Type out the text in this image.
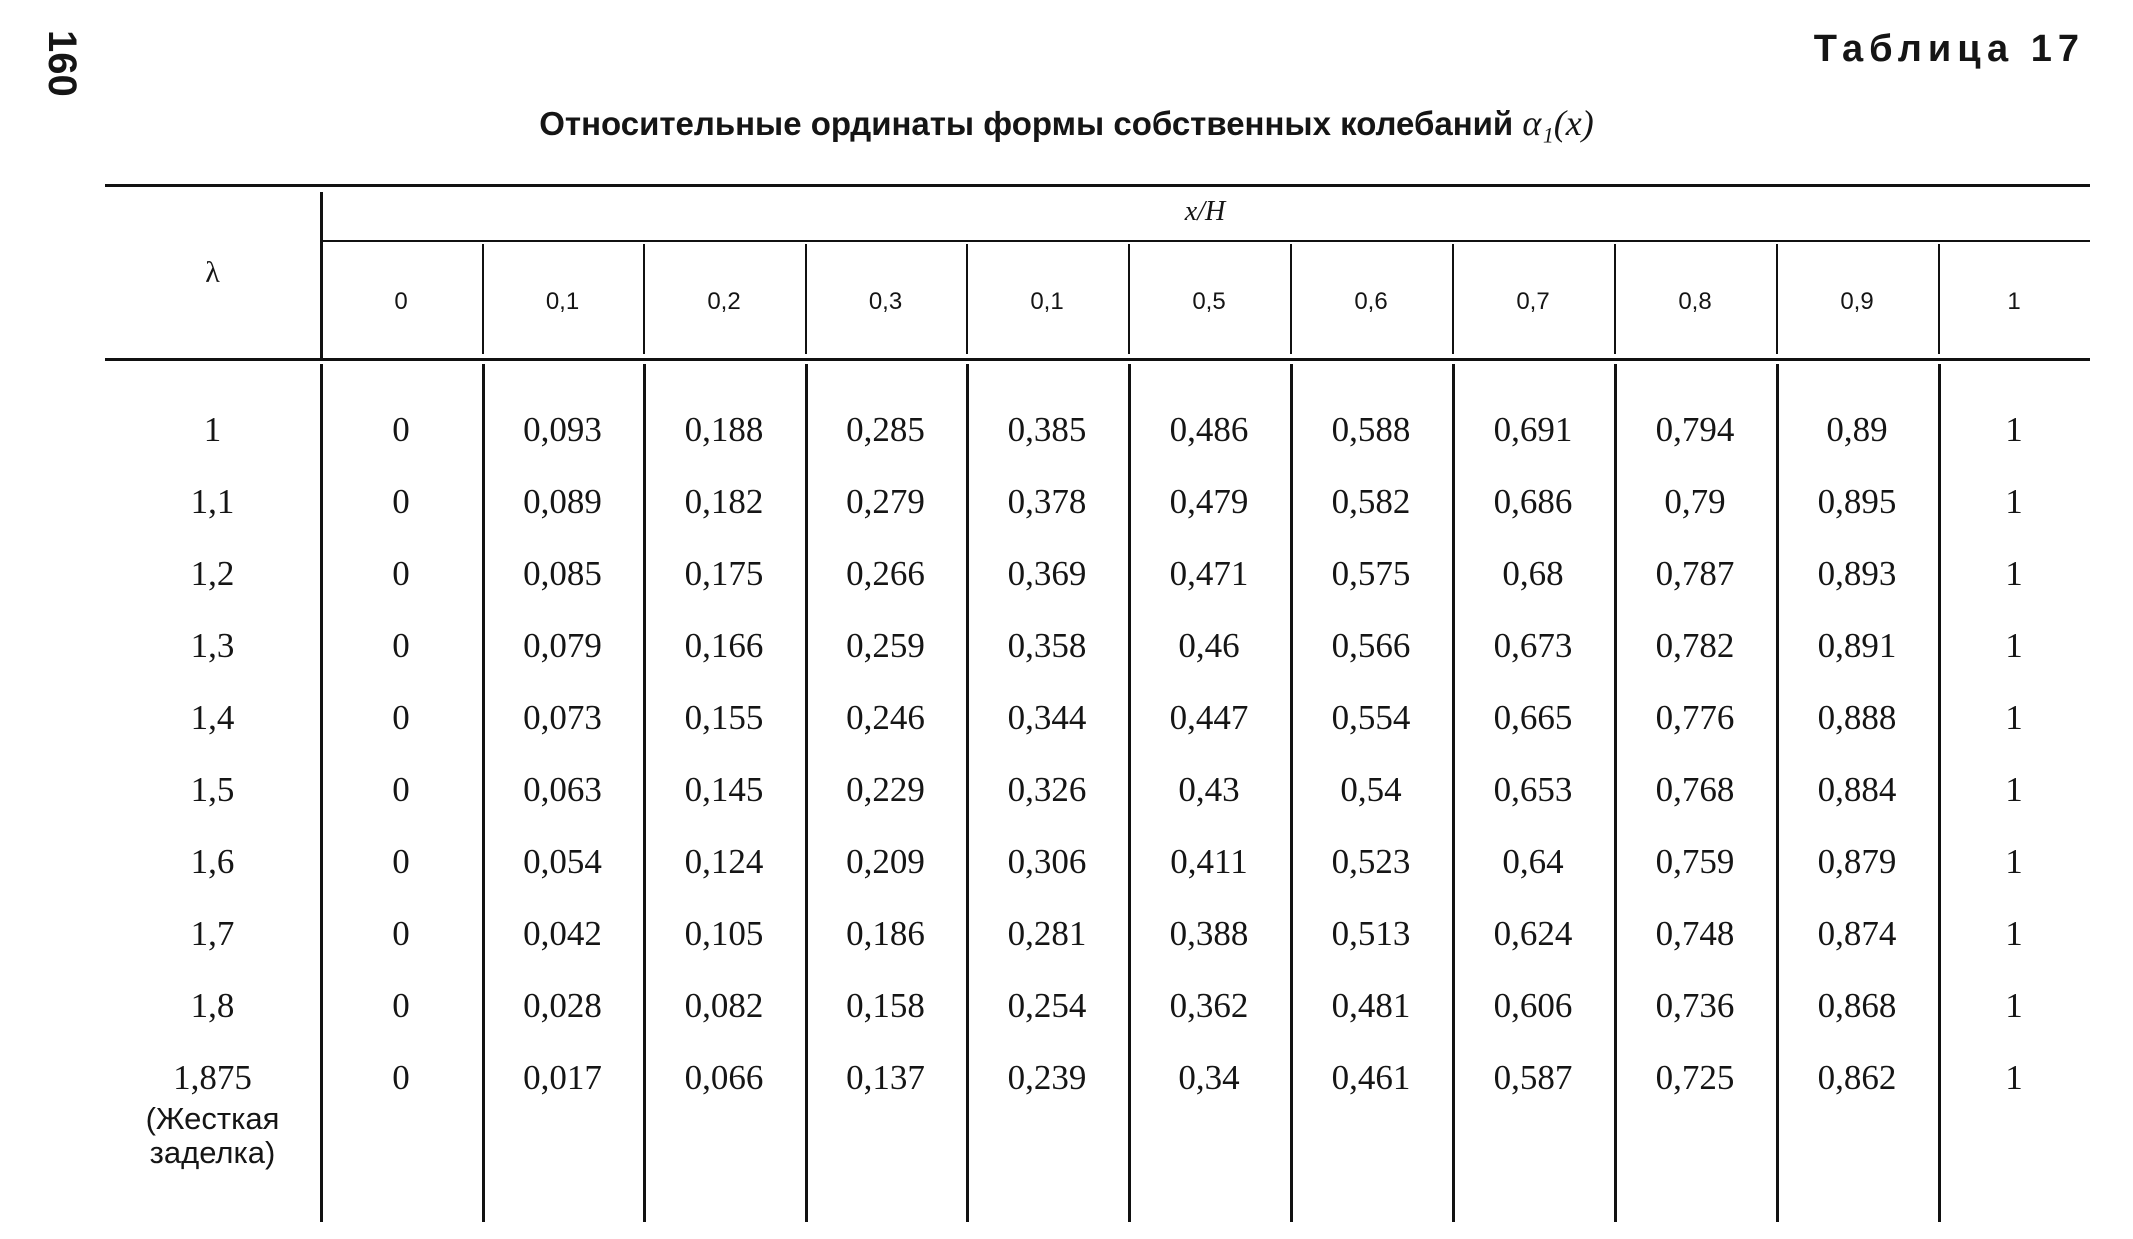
160	Таблица 17
Относительные ординаты формы собственных колебаний α₁(x)
λ
x/H
0	0,1	0,2	0,3	0,1	0,5	0,6	0,7	0,8	0,9	1
1	0	0,093	0,188	0,285	0,385	0,486	0,588	0,691	0,794	0,89	1
1,1	0	0,089	0,182	0,279	0,378	0,479	0,582	0,686	0,79	0,895	1
1,2	0	0,085	0,175	0,266	0,369	0,471	0,575	0,68	0,787	0,893	1
1,3	0	0,079	0,166	0,259	0,358	0,46	0,566	0,673	0,782	0,891	1
1,4	0	0,073	0,155	0,246	0,344	0,447	0,554	0,665	0,776	0,888	1
1,5	0	0,063	0,145	0,229	0,326	0,43	0,54	0,653	0,768	0,884	1
1,6	0	0,054	0,124	0,209	0,306	0,411	0,523	0,64	0,759	0,879	1
1,7	0	0,042	0,105	0,186	0,281	0,388	0,513	0,624	0,748	0,874	1
1,8	0	0,028	0,082	0,158	0,254	0,362	0,481	0,606	0,736	0,868	1
1,875	0	0,017	0,066	0,137	0,239	0,34	0,461	0,587	0,725	0,862	1
(Жесткая
заделка)
